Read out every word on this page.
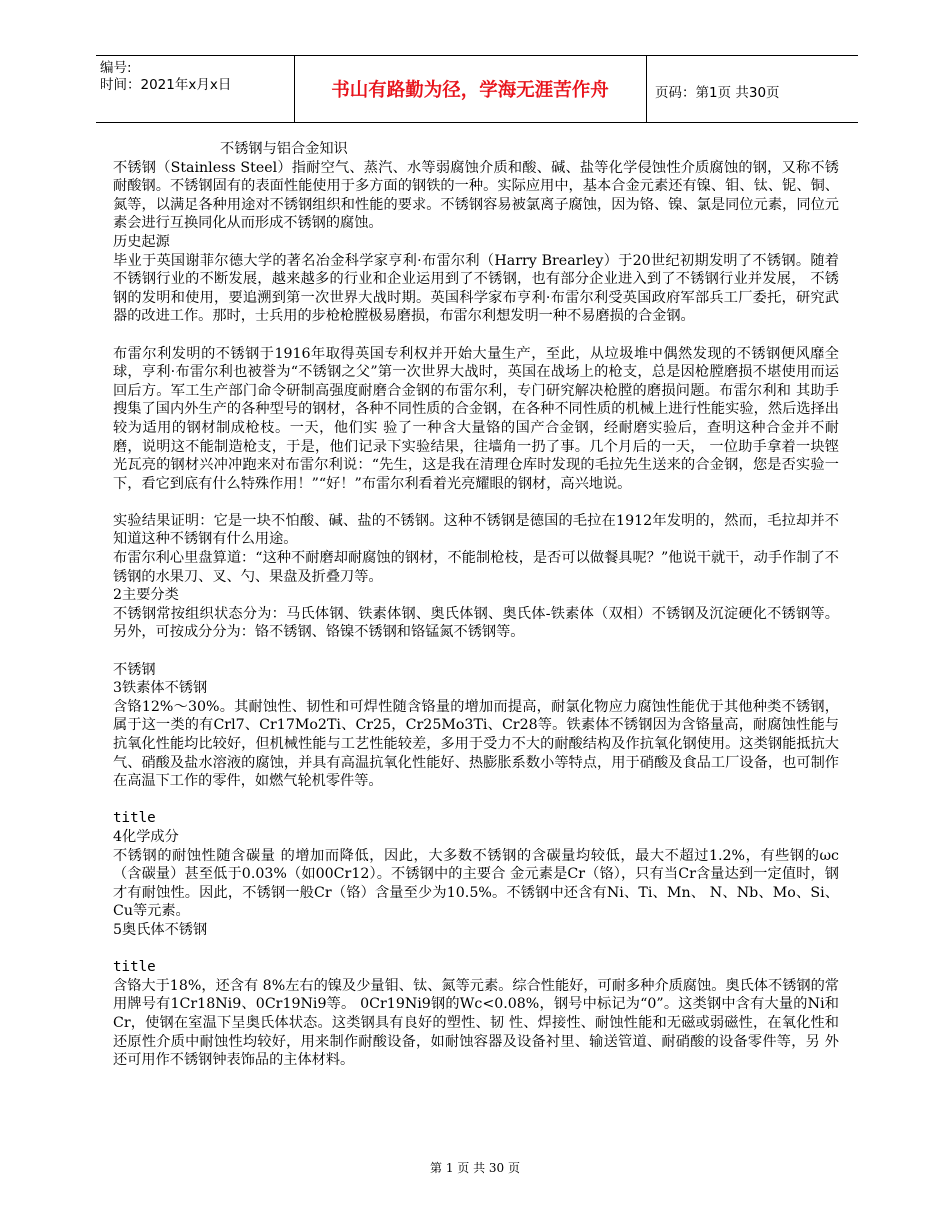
编号:
时间：2021年x月x日	书山有路勤为径，学海无涯苦作舟	页码：第1页 共30页

不锈钢与铝合金知识

不锈钢（Stainless Steel）指耐空气、蒸汽、水等弱腐蚀介质和酸、碱、盐等化学侵蚀性介质腐蚀的钢，又称不锈耐酸钢。不锈钢固有的表面性能使用于多方面的钢铁的一种。实际应用中，基本合金元素还有镍、钼、钛、铌、铜、氮等，以满足各种用途对不锈钢组织和性能的要求。不锈钢容易被氯离子腐蚀，因为铬、镍、氯是同位元素，同位元素会进行互换同化从而形成不锈钢的腐蚀。

历史起源

毕业于英国谢菲尔德大学的著名冶金科学家亨利·布雷尔利（Harry Brearley）于20世纪初期发明了不锈钢。随着不锈钢行业的不断发展，越来越多的行业和企业运用到了不锈钢，也有部分企业进入到了不锈钢行业并发展， 不锈钢的发明和使用，要追溯到第一次世界大战时期。英国科学家布亨利·布雷尔利受英国政府军部兵工厂委托，研究武器的改进工作。那时，士兵用的步枪枪膛极易磨损，布雷尔利想发明一种不易磨损的合金钢。

布雷尔利发明的不锈钢于1916年取得英国专利权并开始大量生产，至此，从垃圾堆中偶然发现的不锈钢便风靡全球，亨利·布雷尔利也被誉为“不锈钢之父”第一次世界大战时，英国在战场上的枪支，总是因枪膛磨损不堪使用而运回后方。军工生产部门命令研制高强度耐磨合金钢的布雷尔利，专门研究解决枪膛的磨损问题。布雷尔利和 其助手搜集了国内外生产的各种型号的钢材，各种不同性质的合金钢，在各种不同性质的机械上进行性能实验，然后选择出较为适用的钢材制成枪枝。一天，他们实 验了一种含大量铬的国产合金钢，经耐磨实验后，查明这种合金并不耐磨，说明这不能制造枪支，于是，他们记录下实验结果，往墙角一扔了事。几个月后的一天， 一位助手拿着一块铿光瓦亮的钢材兴冲冲跑来对布雷尔利说：“先生，这是我在清理仓库时发现的毛拉先生送来的合金钢，您是否实验一下，看它到底有什么特殊作用！”“好！”布雷尔利看着光亮耀眼的钢材，高兴地说。

实验结果证明：它是一块不怕酸、碱、盐的不锈钢。这种不锈钢是德国的毛拉在1912年发明的，然而，毛拉却并不知道这种不锈钢有什么用途。

布雷尔利心里盘算道：“这种不耐磨却耐腐蚀的钢材，不能制枪枝，是否可以做餐具呢？”他说干就干，动手作制了不锈钢的水果刀、叉、勺、果盘及折叠刀等。

2主要分类

不锈钢常按组织状态分为：马氏体钢、铁素体钢、奥氏体钢、奥氏体-铁素体（双相）不锈钢及沉淀硬化不锈钢等。另外，可按成分分为：铬不锈钢、铬镍不锈钢和铬锰氮不锈钢等。

不锈钢

3铁素体不锈钢

含铬12%～30%。其耐蚀性、韧性和可焊性随含铬量的增加而提高，耐氯化物应力腐蚀性能优于其他种类不锈钢，属于这一类的有Crl7、Cr17Mo2Ti、Cr25，Cr25Mo3Ti、Cr28等。铁素体不锈钢因为含铬量高，耐腐蚀性能与抗氧化性能均比较好，但机械性能与工艺性能较差，多用于受力不大的耐酸结构及作抗氧化钢使用。这类钢能抵抗大气、硝酸及盐水溶液的腐蚀，并具有高温抗氧化性能好、热膨胀系数小等特点，用于硝酸及食品工厂设备，也可制作在高温下工作的零件，如燃气轮机零件等。

title

4化学成分

不锈钢的耐蚀性随含碳量 的增加而降低，因此，大多数不锈钢的含碳量均较低，最大不超过1.2%，有些钢的ωc（含碳量）甚至低于0.03%（如00Cr12）。不锈钢中的主要合 金元素是Cr（铬），只有当Cr含量达到一定值时，钢才有耐蚀性。因此，不锈钢一般Cr（铬）含量至少为10.5%。不锈钢中还含有Ni、Ti、Mn、 N、Nb、Mo、Si、Cu等元素。

5奥氏体不锈钢

title

含铬大于18%，还含有 8%左右的镍及少量钼、钛、氮等元素。综合性能好，可耐多种介质腐蚀。奥氏体不锈钢的常用牌号有1Cr18Ni9、0Cr19Ni9等。 0Cr19Ni9钢的Wc<0.08%，钢号中标记为“0”。这类钢中含有大量的Ni和Cr，使钢在室温下呈奥氏体状态。这类钢具有良好的塑性、韧 性、焊接性、耐蚀性能和无磁或弱磁性，在氧化性和还原性介质中耐蚀性均较好，用来制作耐酸设备，如耐蚀容器及设备衬里、输送管道、耐硝酸的设备零件等，另 外还可用作不锈钢钟表饰品的主体材料。

第 1 页 共 30 页
